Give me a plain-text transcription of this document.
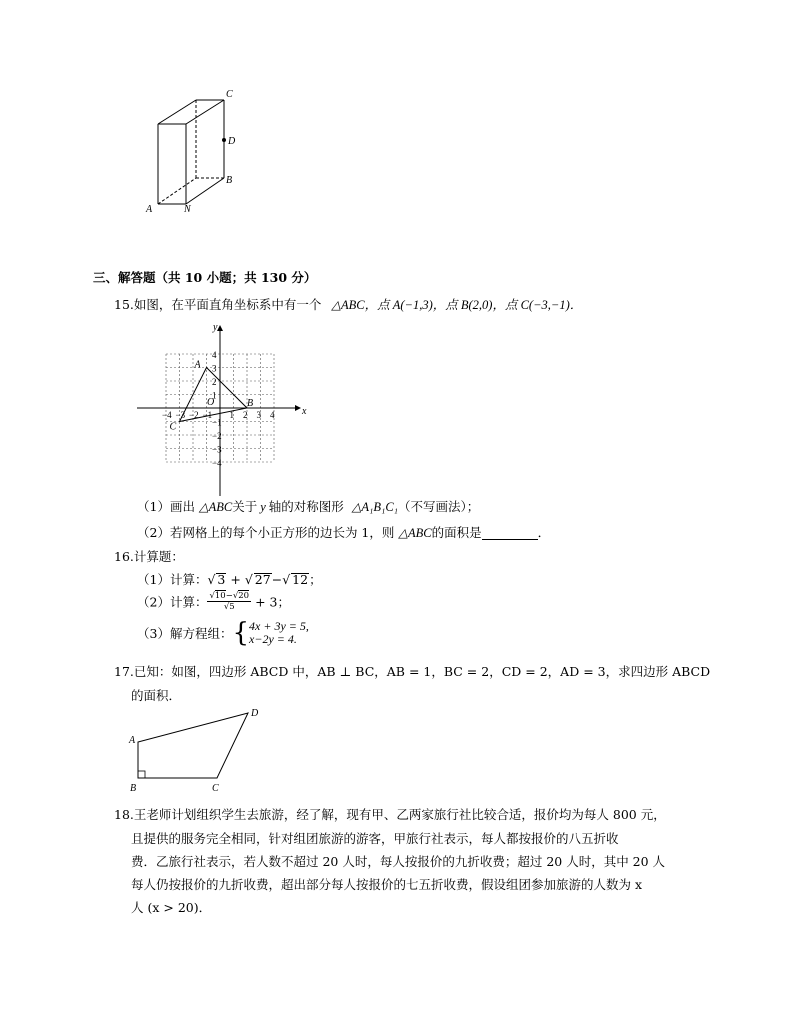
C
D
B
A	N
三、解答题（共 10 小题；共 130 分）
15.如图，在平面直角坐标系中有一个 △ABC，点 A(−1,3)，点 B(2,0)，点 C(−3,−1)．
−4 −3 −2 −1 1 2 3 4
4
3
2
1
−1
−2
−3
−4
A
B
C
O
x
y
（1）画出 △ABC关于 y 轴的对称图形 △A₁B₁C₁（不写画法）；
（2）若网格上的每个小正方形的边长为 1，则 △ABC的面积是	．
16.计算题：
（1）计算：√ 3 + √ 27−√ 12；
（2）计算： $\frac{√10-√20}{√5} + 3$；
（3）解方程组：{ 4x + 3y = 5,
x−2y = 4.
17.已知：如图，四边形 ABCD 中，AB ⊥ BC，AB = 1，BC = 2，CD = 2，AD = 3，求四边形 ABCD
的面积．
A
B	C
D
18.王老师计划组织学生去旅游，经了解，现有甲、乙两家旅行社比较合适，报价均为每人 800 元，
且提供的服务完全相同，针对组团旅游的游客，甲旅行社表示，每人都按报价的八五折收
费．乙旅行社表示，若人数不超过 20 人时，每人按报价的九折收费；超过 20 人时，其中 20 人
每人仍按报价的九折收费，超出部分每人按报价的七五折收费，假设组团参加旅游的人数为 x
人 (x > 20)．
